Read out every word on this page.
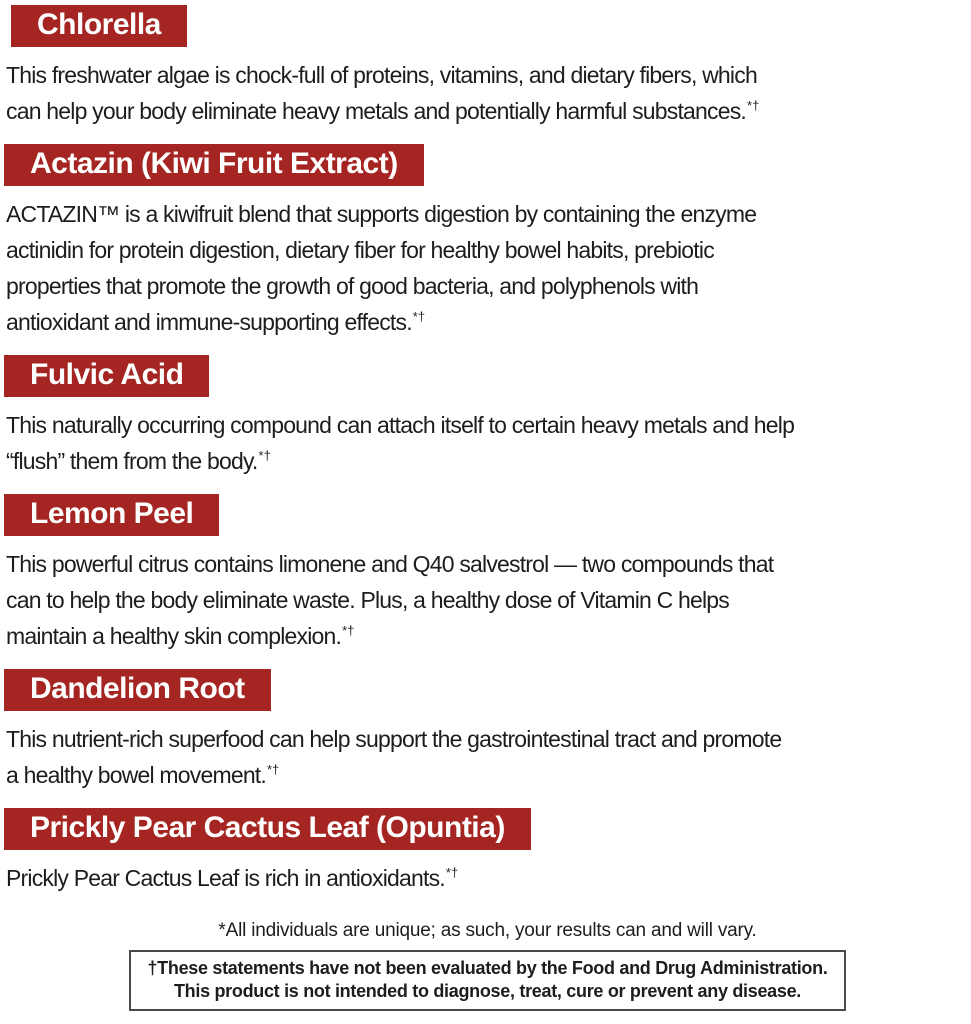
Chlorella

This freshwater algae is chock-full of proteins, vitamins, and dietary fibers, which
can help your body eliminate heavy metals and potentially harmful substances.*†

Actazin (Kiwi Fruit Extract)

ACTAZIN™ is a kiwifruit blend that supports digestion by containing the enzyme
actinidin for protein digestion, dietary fiber for healthy bowel habits, prebiotic
properties that promote the growth of good bacteria, and polyphenols with
antioxidant and immune-supporting effects.*†

Fulvic Acid

This naturally occurring compound can attach itself to certain heavy metals and help
“flush” them from the body.*†

Lemon Peel

This powerful citrus contains limonene and Q40 salvestrol — two compounds that
can to help the body eliminate waste. Plus, a healthy dose of Vitamin C helps
maintain a healthy skin complexion.*†

Dandelion Root

This nutrient-rich superfood can help support the gastrointestinal tract and promote
a healthy bowel movement.*†

Prickly Pear Cactus Leaf (Opuntia)

Prickly Pear Cactus Leaf is rich in antioxidants.*†

*All individuals are unique; as such, your results can and will vary.

†These statements have not been evaluated by the Food and Drug Administration.
This product is not intended to diagnose, treat, cure or prevent any disease.
